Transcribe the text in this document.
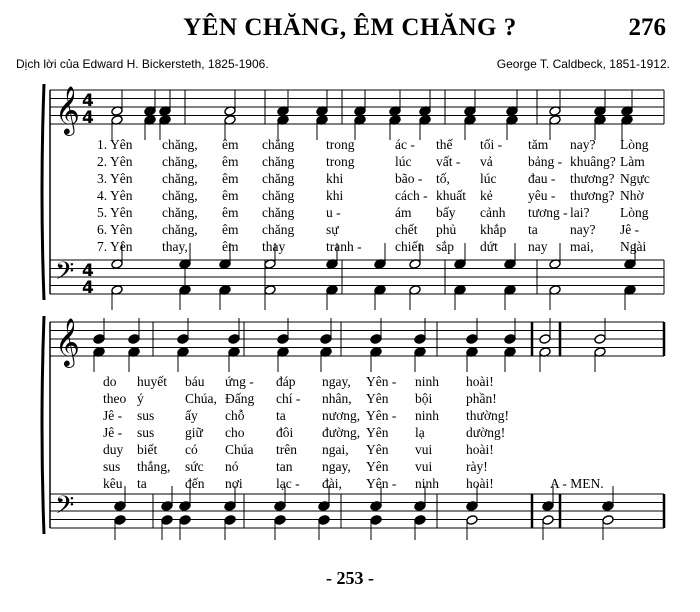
YÊN CHĂNG, ÊM CHĂNG ?	276
Dịch lời của Edward H. Bickersteth, 1825-1906.	George T. Caldbeck, 1851-1912.
𝄞
𝄢
𝄞
𝄢
4
4
4
4
1. Yên chăng, êm chăng trong	ác - thế tối - tăm nay? Lòng
2. Yên chăng, êm chăng trong	lúc vất - vả	bảng - khuâng? Làm
3. Yên chăng, êm chăng khi	bão - tố, lúc đau - thương? Ngực
4. Yên chăng, êm chăng khi	cách - khuất kẻ	yêu - thương? Nhờ
5. Yên chăng, êm chăng u -	ám bấy cảnh tương - lai? Lòng
6. Yên chăng, êm chăng sự	chết phủ khắp ta nay? Jê -
7. Yên thay,	êm thay	tranh - chiến sắp dứt nay mai, Ngài
do huyết báu ứng - đáp ngay, Yên - ninh hoài!
theo ý	Chúa, Đấng chí - nhân, Yên bội phần!
Jê - sus ấy chỗ ta	nương, Yên - ninh thường!
Jê - sus giữ cho đôi đường, Yên lạ	dường!
duy biết có Chúa trên ngai, Yên vui hoài!
sus thắng, sức nó	tan ngay, Yên vui rày!
kêu ta	đến nơi lạc - đài, Yên - ninh hoài!	A - MEN.
- 253 -
